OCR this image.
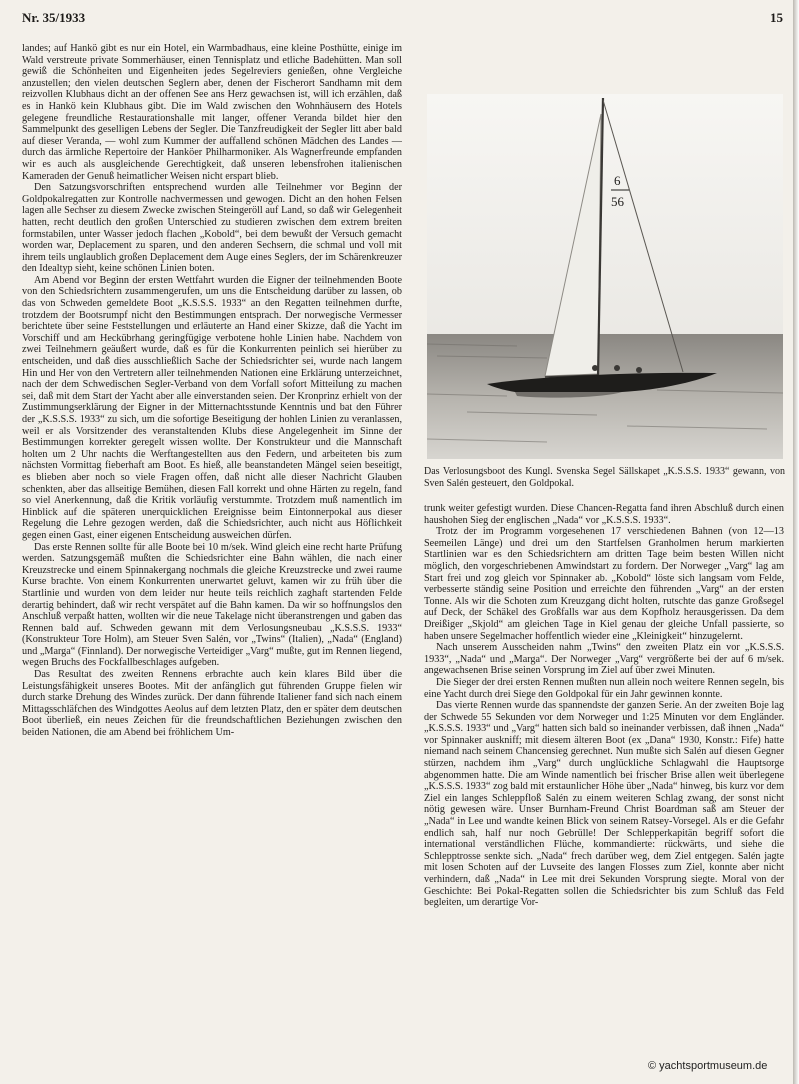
Nr. 35/1933	15

landes; auf Hankö gibt es nur ein Hotel, ein Warmbadhaus, eine kleine Posthütte, einige im Wald verstreute private Sommerhäuser, einen Tennisplatz und etliche Badehütten. Man soll gewiß die Schönheiten und Eigenheiten jedes Segelreviers genießen, ohne Vergleiche anzustellen; den vielen deutschen Seglern aber, denen der Fischerort Sandhamn mit dem reizvollen Klubhaus dicht an der offenen See ans Herz gewachsen ist, will ich erzählen, daß es in Hankö kein Klubhaus gibt. Die im Wald zwischen den Wohnhäusern des Hotels gelegene freundliche Restaurationshalle mit langer, offener Veranda bildet hier den Sammelpunkt des geselligen Lebens der Segler. Die Tanzfreudigkeit der Segler litt aber bald auf dieser Veranda, — wohl zum Kummer der auffallend schönen Mädchen des Landes — durch das ärmliche Repertoire der Hanköer Philharmoniker. Als Wagnerfreunde empfanden wir es auch als ausgleichende Gerechtigkeit, daß unseren lebensfrohen italienischen Kameraden der Genuß heimatlicher Weisen nicht erspart blieb.

Den Satzungsvorschriften entsprechend wurden alle Teilnehmer vor Beginn der Goldpokalregatten zur Kontrolle nachvermessen und gewogen. Dicht an den hohen Felsen lagen alle Sechser zu diesem Zwecke zwischen Steingeröll auf Land, so daß wir Gelegenheit hatten, recht deutlich den großen Unterschied zu studieren zwischen dem extrem breiten formstabilen, unter Wasser jedoch flachen „Kobold“, bei dem bewußt der Versuch gemacht worden war, Deplacement zu sparen, und den anderen Sechsern, die schmal und voll mit ihrem teils unglaublich großen Deplacement dem Auge eines Seglers, der im Schärenkreuzer den Idealtyp sieht, keine schönen Linien boten.

Am Abend vor Beginn der ersten Wettfahrt wurden die Eigner der teilnehmenden Boote von den Schiedsrichtern zusammengerufen, um uns die Entscheidung darüber zu lassen, ob das von Schweden gemeldete Boot „K.S.S.S. 1933“ an den Regatten teilnehmen durfte, trotzdem der Bootsrumpf nicht den Bestimmungen entsprach. Der norwegische Vermesser berichtete über seine Feststellungen und erläuterte an Hand einer Skizze, daß die Yacht im Vorschiff und am Heckübrhang geringfügige verbotene hohle Linien habe. Nachdem von zwei Teilnehmern geäußert wurde, daß es für die Konkurrenten peinlich sei hierüber zu entscheiden, und daß dies ausschließlich Sache der Schiedsrichter sei, wurde nach langem Hin und Her von den Vertretern aller teilnehmenden Nationen eine Erklärung unterzeichnet, nach der dem Schwedischen Segler-Verband von dem Vorfall sofort Mitteilung zu machen sei, daß mit dem Start der Yacht aber alle einverstanden seien. Der Kronprinz erhielt von der Zustimmungserklärung der Eigner in der Mitternachtsstunde Kenntnis und bat den Führer der „K.S.S.S. 1933“ zu sich, um die sofortige Beseitigung der hohlen Linien zu veranlassen, weil er als Vorsitzender des veranstaltenden Klubs diese Angelegenheit im Sinne der Bestimmungen korrekter geregelt wissen wollte. Der Konstrukteur und die Mannschaft holten um 2 Uhr nachts die Werftangestellten aus den Federn, und arbeiteten bis zum nächsten Vormittag fieberhaft am Boot. Es hieß, alle beanstandeten Mängel seien beseitigt, es blieben aber noch so viele Fragen offen, daß nicht alle dieser Nachricht Glauben schenkten, aber das allseitige Bemühen, diesen Fall korrekt und ohne Härten zu regeln, fand so viel Anerkennung, daß die Kritik vorläufig verstummte. Trotzdem muß namentlich im Hinblick auf die späteren unerquicklichen Ereignisse beim Eintonnerpokal aus dieser Regelung die Lehre gezogen werden, daß die Schiedsrichter, auch nicht aus Höflichkeit gegen einen Gast, einer eigenen Entscheidung ausweichen dürfen.

Das erste Rennen sollte für alle Boote bei 10 m/sek. Wind gleich eine recht harte Prüfung werden. Satzungsgemäß mußten die Schiedsrichter eine Bahn wählen, die nach einer Kreuzstrecke und einem Spinnakergang nochmals die gleiche Kreuzstrecke und zwei raume Kurse brachte. Von einem Konkurrenten unerwartet geluvt, kamen wir zu früh über die Startlinie und wurden von dem leider nur heute teils reichlich zaghaft startenden Felde derartig behindert, daß wir recht verspätet auf die Bahn kamen. Da wir so hoffnungslos den Anschluß verpaßt hatten, wollten wir die neue Takelage nicht überanstrengen und gaben das Rennen bald auf. Schweden gewann mit dem Verlosungsneubau „K.S.S.S. 1933“ (Konstrukteur Tore Holm), am Steuer Sven Salén, vor „Twins“ (Italien), „Nada“ (England) und „Marga“ (Finnland). Der norwegische Verteidiger „Varg“ mußte, gut im Rennen liegend, wegen Bruchs des Fockfallbeschlages aufgeben.

Das Resultat des zweiten Rennens erbrachte auch kein klares Bild über die Leistungsfähigkeit unseres Bootes. Mit der anfänglich gut führenden Gruppe fielen wir durch starke Drehung des Windes zurück. Der dann führende Italiener fand sich nach einem Mittagsschläfchen des Windgottes Aeolus auf dem letzten Platz, den er später dem deutschen Boot überließ, ein neues Zeichen für die freundschaftlichen Beziehungen zwischen den beiden Nationen, die am Abend bei fröhlichem Um-

6
56
Das Verlosungsboot des Kungl. Svenska Segel Sällskapet „K.S.S.S. 1933“ gewann, von Sven Salén gesteuert, den Goldpokal.

trunk weiter gefestigt wurden. Diese Chancen-Regatta fand ihren Abschluß durch einen haushohen Sieg der englischen „Nada“ vor „K.S.S.S. 1933“.

Trotz der im Programm vorgesehenen 17 verschiedenen Bahnen (von 12—13 Seemeilen Länge) und drei um den Startfelsen Granholmen herum markierten Startlinien war es den Schiedsrichtern am dritten Tage beim besten Willen nicht möglich, den vorgeschriebenen Amwindstart zu fordern. Der Norweger „Varg“ lag am Start frei und zog gleich vor Spinnaker ab. „Kobold“ löste sich langsam vom Felde, verbesserte ständig seine Position und erreichte den führenden „Varg“ an der ersten Tonne. Als wir die Schoten zum Kreuzgang dicht holten, rutschte das ganze Großsegel auf Deck, der Schäkel des Großfalls war aus dem Kopfholz herausgerissen. Da dem Dreißiger „Skjold“ am gleichen Tage in Kiel genau der gleiche Unfall passierte, so haben unsere Segelmacher hoffentlich wieder eine „Kleinigkeit“ hinzugelernt.

Nach unserem Ausscheiden nahm „Twins“ den zweiten Platz ein vor „K.S.S.S. 1933“, „Nada“ und „Marga“. Der Norweger „Varg“ vergrößerte bei der auf 6 m/sek. angewachsenen Brise seinen Vorsprung im Ziel auf über zwei Minuten.

Die Sieger der drei ersten Rennen mußten nun allein noch weitere Rennen segeln, bis eine Yacht durch drei Siege den Goldpokal für ein Jahr gewinnen konnte.

Das vierte Rennen wurde das spannendste der ganzen Serie. An der zweiten Boje lag der Schwede 55 Sekunden vor dem Norweger und 1:25 Minuten vor dem Engländer. „K.S.S.S. 1933“ und „Varg“ hatten sich bald so ineinander verbissen, daß ihnen „Nada“ vor Spinnaker auskniff; mit diesem älteren Boot (ex „Dana“ 1930, Konstr.: Fife) hatte niemand nach seinem Chancensieg gerechnet. Nun mußte sich Salén auf diesen Gegner stürzen, nachdem ihm „Varg“ durch unglückliche Schlagwahl die Hauptsorge abgenommen hatte. Die am Winde namentlich bei frischer Brise allen weit überlegene „K.S.S.S. 1933“ zog bald mit erstaunlicher Höhe über „Nada“ hinweg, bis kurz vor dem Ziel ein langes Schleppfloß Salén zu einem weiteren Schlag zwang, der sonst nicht nötig gewesen wäre. Unser Burnham-Freund Christ Boardman saß am Steuer der „Nada“ in Lee und wandte keinen Blick von seinem Ratsey-Vorsegel. Als er die Gefahr endlich sah, half nur noch Gebrülle! Der Schlepperkapitän begriff sofort die international verständlichen Flüche, kommandierte: rückwärts, und siehe die Schlepptrosse senkte sich. „Nada“ frech darüber weg, dem Ziel entgegen. Salén jagte mit losen Schoten auf der Luvseite des langen Flosses zum Ziel, konnte aber nicht verhindern, daß „Nada“ in Lee mit drei Sekunden Vorsprung siegte. Moral von der Geschichte: Bei Pokal-Regatten sollen die Schiedsrichter bis zum Schluß das Feld begleiten, um derartige Vor-

© yachtsportmuseum.de
